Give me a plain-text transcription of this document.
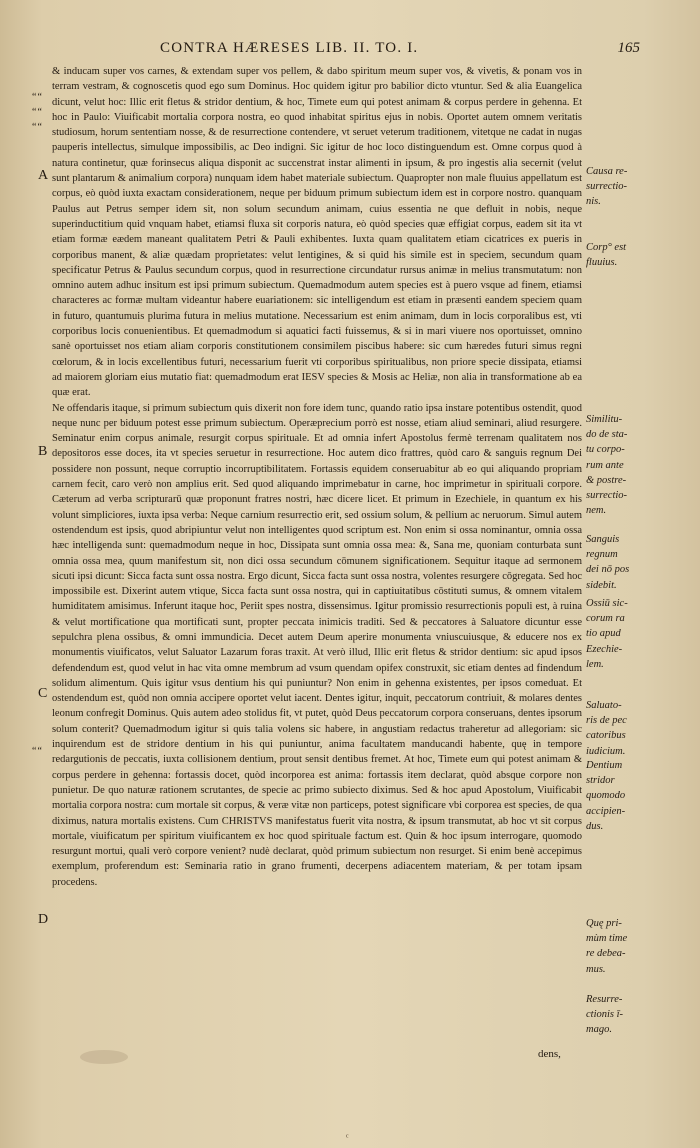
CONTRA HÆRESES LIB. II. TO. I.	165
““
““
““
““
A
B
C
D

& inducam super vos carnes, & extendam super vos pellem, & dabo spiritum meum super vos, & vivetis, & ponam vos in terram vestram, & cognoscetis quod ego sum Dominus. Hoc quidem igitur pro babilior dicto vtuntur. Sed & alia Euangelica dicunt, velut hoc: Illic erit fletus & stridor dentium, & hoc, Timete eum qui potest animam & corpus perdere in gehenna. Et hoc in Paulo: Viuificabit mortalia corpora nostra, eo quod inhabitat spiritus ejus in nobis. Oportet autem omnem veritatis studiosum, horum sententiam nosse, & de resurrectione contendere, vt seruet veterum traditionem, vitetque ne cadat in nugas pauperis intellectus, simulque impossibilis, ac Deo indigni. Sic igitur de hoc loco distinguendum est. Omne corpus quod à natura continetur, quæ forinsecus aliqua disponit ac succenstrat instar alimenti in ipsum, & pro ingestis alia secernit (velut sunt plantarum & animalium corpora) nunquam idem habet materiale subiectum. Quapropter non male fluuius appellatum est corpus, eò quòd iuxta exactam considerationem, neque per biduum primum subiectum idem est in corpore nostro. quanquam Paulus aut Petrus semper idem sit, non solum secundum animam, cuius essentia ne que defluit in nobis, neque superinductitium quid vnquam habet, etiamsi fluxa sit corporis natura, eò quòd species quæ effigiat corpus, eadem sit ita vt etiam formæ eædem maneant qualitatem Petri & Pauli exhibentes. Iuxta quam qualitatem etiam cicatrices ex pueris in corporibus manent, & aliæ quædam proprietates: velut lentigines, & si quid his simile est in speciem, secundum quam specificatur Petrus & Paulus secundum corpus, quod in resurrectione circundatur rursus animæ in melius transmutatum: non omnino autem adhuc insitum est ipsi primum subiectum. Quemadmodum autem species est à puero vsque ad finem, etiamsi characteres ac formæ multam videantur habere euariationem: sic intelligendum est etiam in præsenti eandem speciem quam in futuro, quantumuis plurima futura in melius mutatione. Necessarium est enim animam, dum in locis corporalibus est, vti corporibus locis conuenientibus. Et quemadmodum si aquatici facti fuissemus, & si in mari viuere nos oportuisset, omnino sanè oportuisset nos etiam aliam corporis constitutionem consimilem piscibus habere: sic cum hæredes futuri simus regni cœlorum, & in locis excellentibus futuri, necessarium fuerit vti corporibus spiritualibus, non priore specie dissipata, etiamsi ad maiorem gloriam eius mutatio fiat: quemadmodum erat IESV species & Mosis ac Heliæ, non alia in transformatione ab ea quæ erat.

Ne offendaris itaque, si primum subiectum quis dixerit non fore idem tunc, quando ratio ipsa instare potentibus ostendit, quod neque nunc per biduum potest esse primum subiectum. Operæprecium porrò est nosse, etiam aliud seminari, aliud resurgere. Seminatur enim corpus animale, resurgit corpus spirituale. Et ad omnia infert Apostolus fermè terrenam qualitatem nos depositoros esse doces, ita vt species seruetur in resurrectione. Hoc autem dico frattres, quòd caro & sanguis regnum Dei possidere non possunt, neque corruptio incorruptibilitatem. Fortassis equidem conseruabitur ab eo qui aliquando propriam carnem fecit, caro verò non amplius erit. Sed quod aliquando imprimebatur in carne, hoc imprimetur in spirituali corpore. Cæterum ad verba scripturarū quæ proponunt fratres nostri, hæc dicere licet. Et primum in Ezechiele, in quantum ex his volunt simpliciores, iuxta ipsa verba: Neque carnium resurrectio erit, sed ossium solum, & pellium ac neruorum. Simul autem ostendendum est ipsis, quod abripiuntur velut non intelligentes quod scriptum est. Non enim si ossa nominantur, omnia ossa hæc intelligenda sunt: quemadmodum neque in hoc, Dissipata sunt omnia ossa mea: &, Sana me, quoniam conturbata sunt omnia ossa mea, quum manifestum sit, non dici ossa secundum cōmunem significationem. Sequitur itaque ad sermonem sicuti ipsi dicunt: Sicca facta sunt ossa nostra. Ergo dicunt, Sicca facta sunt ossa nostra, volentes resurgere cōgregata. Sed hoc impossibile est. Dixerint autem vtique, Sicca facta sunt ossa nostra, qui in captiuitatibus cōstituti sumus, & omnem vitalem humiditatem amisimus. Inferunt itaque hoc, Periit spes nostra, dissensimus. Igitur promissio resurrectionis populi est, à ruina & velut mortificatione qua mortificati sunt, propter peccata inimicis traditi. Sed & peccatores à Saluatore dicuntur esse sepulchra plena ossibus, & omni immundicia. Decet autem Deum aperire monumenta vniuscuiusque, & educere nos ex monumentis viuificatos, velut Saluator Lazarum foras traxit. At verò illud, Illic erit fletus & stridor dentium: sic apud ipsos defendendum est, quod velut in hac vita omne membrum ad vsum quendam opifex construxit, sic etiam dentes ad findendum solidum alimentum. Quis igitur vsus dentium his qui puniuntur? Non enim in gehenna existentes, per ipsos comeduat. Et ostendendum est, quòd non omnia accipere oportet velut iacent. Dentes igitur, inquit, peccatorum contriuit, & molares dentes leonum confregit Dominus. Quis autem adeo stolidus fit, vt putet, quòd Deus peccatorum corpora conseruans, dentes ipsorum solum conterit? Quemadmodum igitur si quis talia volens sic habere, in angustiam redactus traheretur ad allegoriam: sic inquirendum est de stridore dentium in his qui puniuntur, anima facultatem manducandi habente, quę in tempore redargutionis de peccatis, iuxta collisionem dentium, prout sensit dentibus fremet. At hoc, Timete eum qui potest animam & corpus perdere in gehenna: fortassis docet, quòd incorporea est anima: fortassis item declarat, quòd absque corpore non punietur. De quo naturæ rationem scrutantes, de specie ac primo subiecto diximus. Sed & hoc apud Apostolum, Viuificabit mortalia corpora nostra: cum mortale sit corpus, & veræ vitæ non particeps, potest significare vbi corporea est species, de qua diximus, natura mortalis existens. Cum CHRISTVS manifestatus fuerit vita nostra, & ipsum transmutat, ab hoc vt sit corpus mortale, viuificatum per spiritum viuificantem ex hoc quod spirituale factum est. Quin & hoc ipsum interrogare, quomodo resurgunt mortui, quali verò corpore venient? nudè declarat, quòd primum subiectum non resurget. Si enim benè accepimus exemplum, proferendum est: Seminaria ratio in grano frumenti, decerpens adiacentem materiam, & per totam ipsam procedens.

Causa re-
surrectio-
nis.
Corp° est
fluuius.
Similitu-
do de sta-
tu corpo-
rum ante
& postre-
surrectio-
nem.
Sanguis
regnum
dei nō pos
sidebit.
Ossiū sic-
corum ra
tio apud
Ezechie-
lem.
Saluato-
ris de pec
catoribus
iudicium.
Dentium
stridor
quomodo
accipien-
dus.
Quę pri-
mùm time
re debea-
mus.
Resurre-
ctionis ī-
mago.
dens,
ᶜ
